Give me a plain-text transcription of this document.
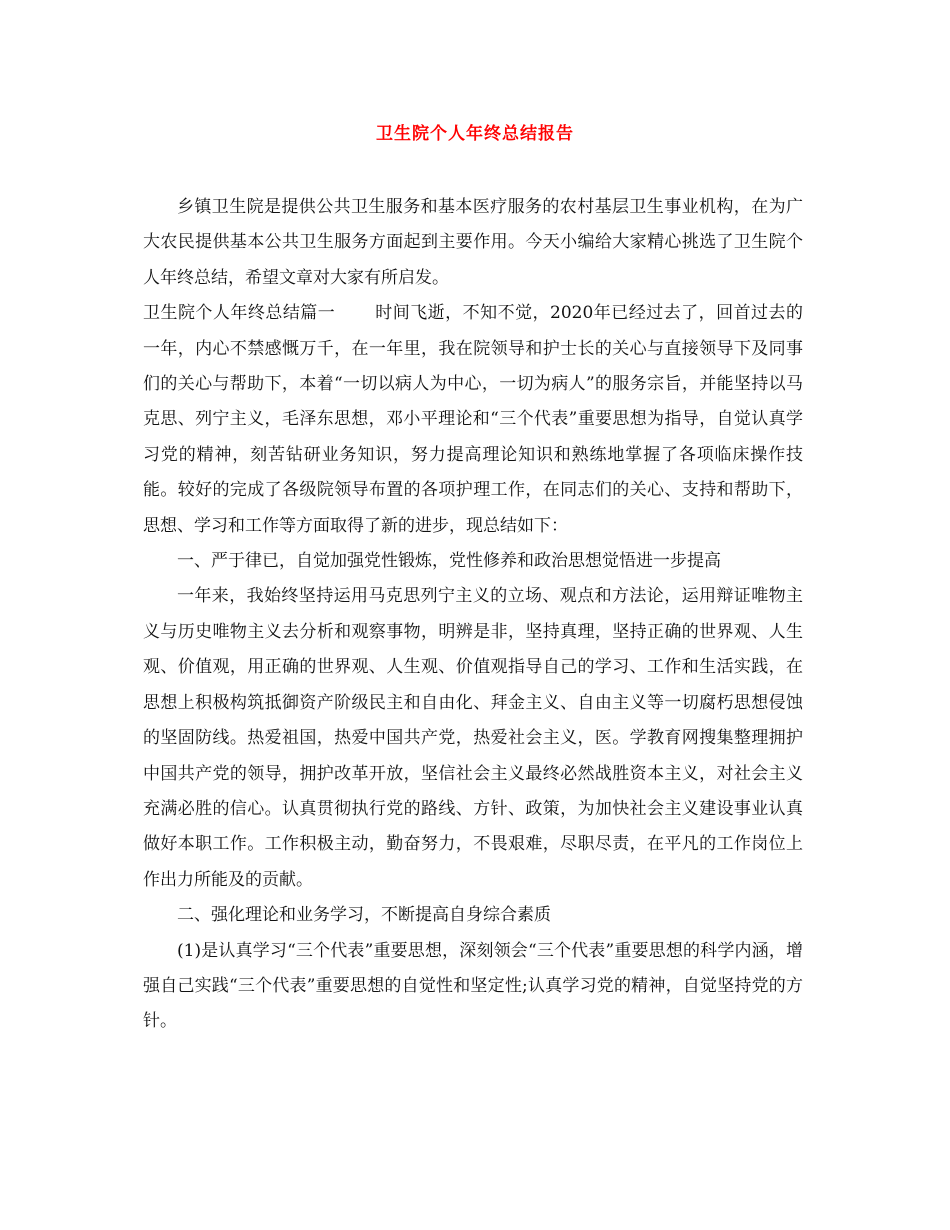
卫生院个人年终总结报告

乡镇卫生院是提供公共卫生服务和基本医疗服务的农村基层卫生事业机构，在为广大农民提供基本公共卫生服务方面起到主要作用。今天小编给大家精心挑选了卫生院个人年终总结，希望文章对大家有所启发。

卫生院个人年终总结篇一 时间飞逝，不知不觉，2020年已经过去了，回首过去的一年，内心不禁感慨万千，在一年里，我在院领导和护士长的关心与直接领导下及同事们的关心与帮助下，本着“一切以病人为中心，一切为病人”的服务宗旨，并能坚持以马克思、列宁主义，毛泽东思想，邓小平理论和“三个代表”重要思想为指导，自觉认真学习党的精神，刻苦钻研业务知识，努力提高理论知识和熟练地掌握了各项临床操作技能。较好的完成了各级院领导布置的各项护理工作，在同志们的关心、支持和帮助下，思想、学习和工作等方面取得了新的进步，现总结如下：

一、严于律已，自觉加强党性锻炼，党性修养和政治思想觉悟进一步提高

一年来，我始终坚持运用马克思列宁主义的立场、观点和方法论，运用辩证唯物主义与历史唯物主义去分析和观察事物，明辨是非，坚持真理，坚持正确的世界观、人生观、价值观，用正确的世界观、人生观、价值观指导自己的学习、工作和生活实践，在思想上积极构筑抵御资产阶级民主和自由化、拜金主义、自由主义等一切腐朽思想侵蚀的坚固防线。热爱祖国，热爱中国共产党，热爱社会主义，医。学教育网搜集整理拥护中国共产党的领导，拥护改革开放，坚信社会主义最终必然战胜资本主义，对社会主义充满必胜的信心。认真贯彻执行党的路线、方针、政策，为加快社会主义建设事业认真做好本职工作。工作积极主动，勤奋努力，不畏艰难，尽职尽责，在平凡的工作岗位上作出力所能及的贡献。

二、强化理论和业务学习，不断提高自身综合素质

(1)是认真学习“三个代表”重要思想，深刻领会“三个代表”重要思想的科学内涵，增强自己实践“三个代表”重要思想的自觉性和坚定性;认真学习党的精神，自觉坚持党的方针。
